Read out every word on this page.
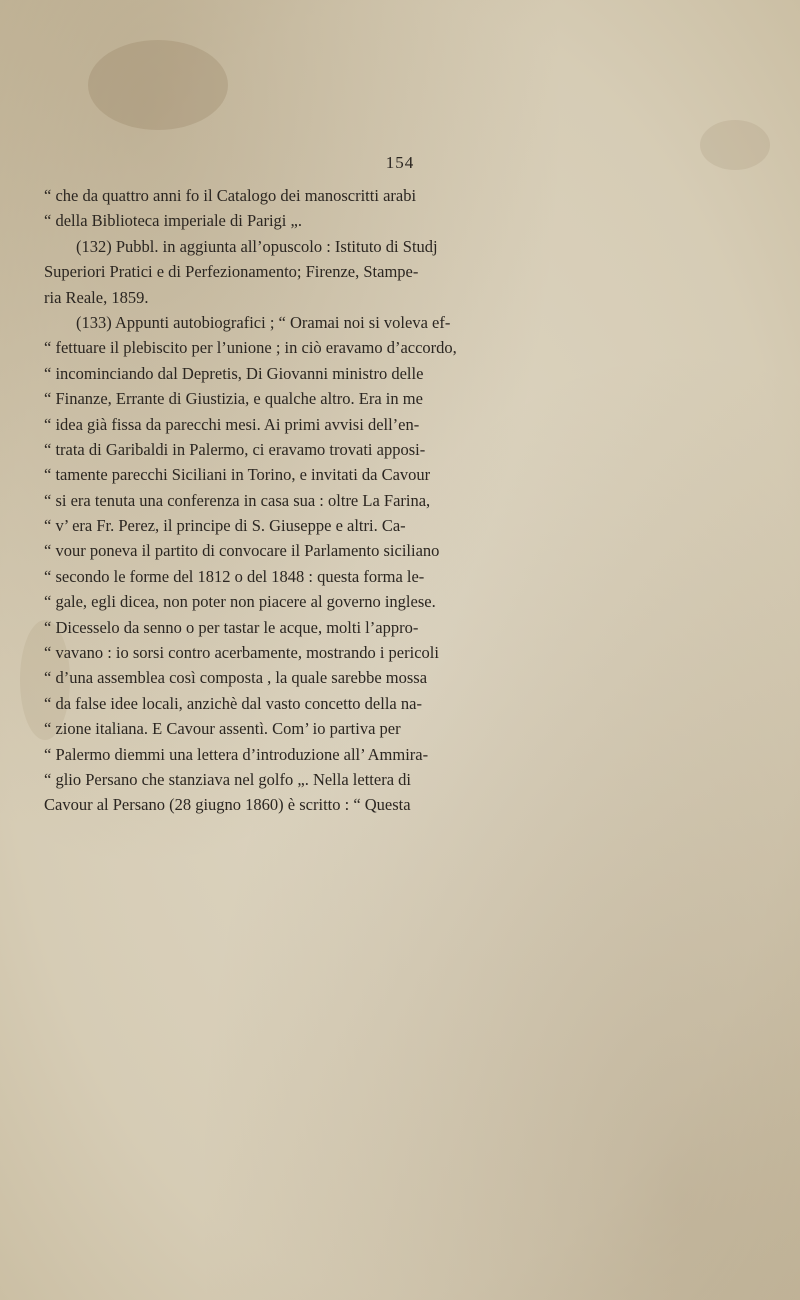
154
“ che da quattro anni fo il Catalogo dei manoscritti arabi
“ della Biblioteca imperiale di Parigi „.
(132) Pubbl. in aggiunta all’opuscolo : Istituto di Studj
Superiori Pratici e di Perfezionamento; Firenze, Stampe-
ria Reale, 1859.
(133) Appunti autobiografici ; “ Oramai noi si voleva ef-
“ fettuare il plebiscito per l’unione ; in ciò eravamo d’accordo,
“ incominciando dal Depretis, Di Giovanni ministro delle
“ Finanze, Errante di Giustizia, e qualche altro. Era in me
“ idea già fissa da parecchi mesi. Ai primi avvisi dell’en-
“ trata di Garibaldi in Palermo, ci eravamo trovati apposi-
“ tamente parecchi Siciliani in Torino, e invitati da Cavour
“ si era tenuta una conferenza in casa sua : oltre La Farina,
“ v’ era Fr. Perez, il principe di S. Giuseppe e altri. Ca-
“ vour poneva il partito di convocare il Parlamento siciliano
“ secondo le forme del 1812 o del 1848 : questa forma le-
“ gale, egli dicea, non poter non piacere al governo inglese.
“ Dicesselo da senno o per tastar le acque, molti l’appro-
“ vavano : io sorsi contro acerbamente, mostrando i pericoli
“ d’una assemblea così composta , la quale sarebbe mossa
“ da false idee locali, anzichè dal vasto concetto della na-
“ zione italiana. E Cavour assentì. Com’ io partiva per
“ Palermo diemmi una lettera d’introduzione all’ Ammira-
“ glio Persano che stanziava nel golfo „. Nella lettera di
Cavour al Persano (28 giugno 1860) è scritto : “ Questa
